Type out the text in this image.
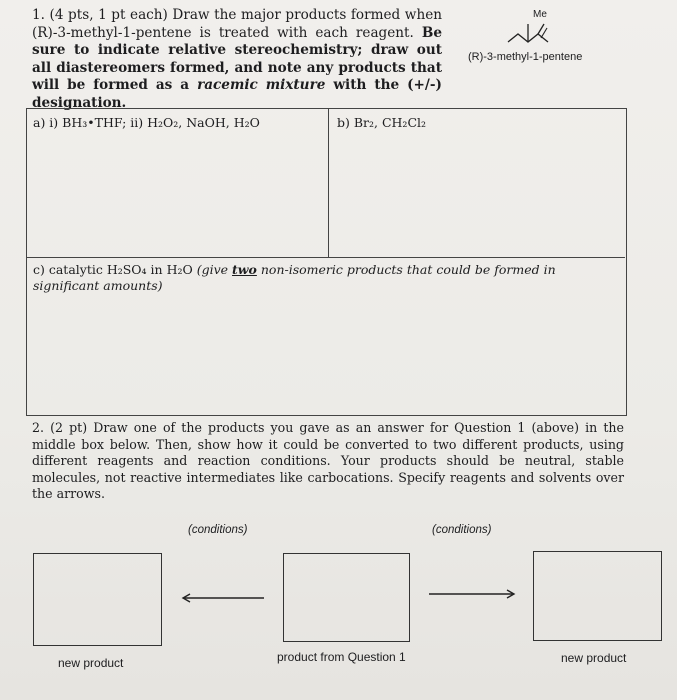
1. (4 pts, 1 pt each) Draw the major products formed when (R)-3-methyl-1-pentene is treated with each reagent. Be sure to indicate relative stereochemistry; draw out all diastereomers formed, and note any products that will be formed as a racemic mixture with the (+/-) designation.
Me
(R)-3-methyl-1-pentene
a) i) BH₃•THF; ii) H₂O₂, NaOH, H₂O	b) Br₂, CH₂Cl₂
c) catalytic H₂SO₄ in H₂O (give two non-isomeric products that could be formed in significant amounts)
2. (2 pt) Draw one of the products you gave as an answer for Question 1 (above) in the middle box below. Then, show how it could be converted to two different products, using different reagents and reaction conditions. Your products should be neutral, stable molecules, not reactive intermediates like carbocations. Specify reagents and solvents over the arrows.
(conditions)	(conditions)
new product	product from Question 1	new product
